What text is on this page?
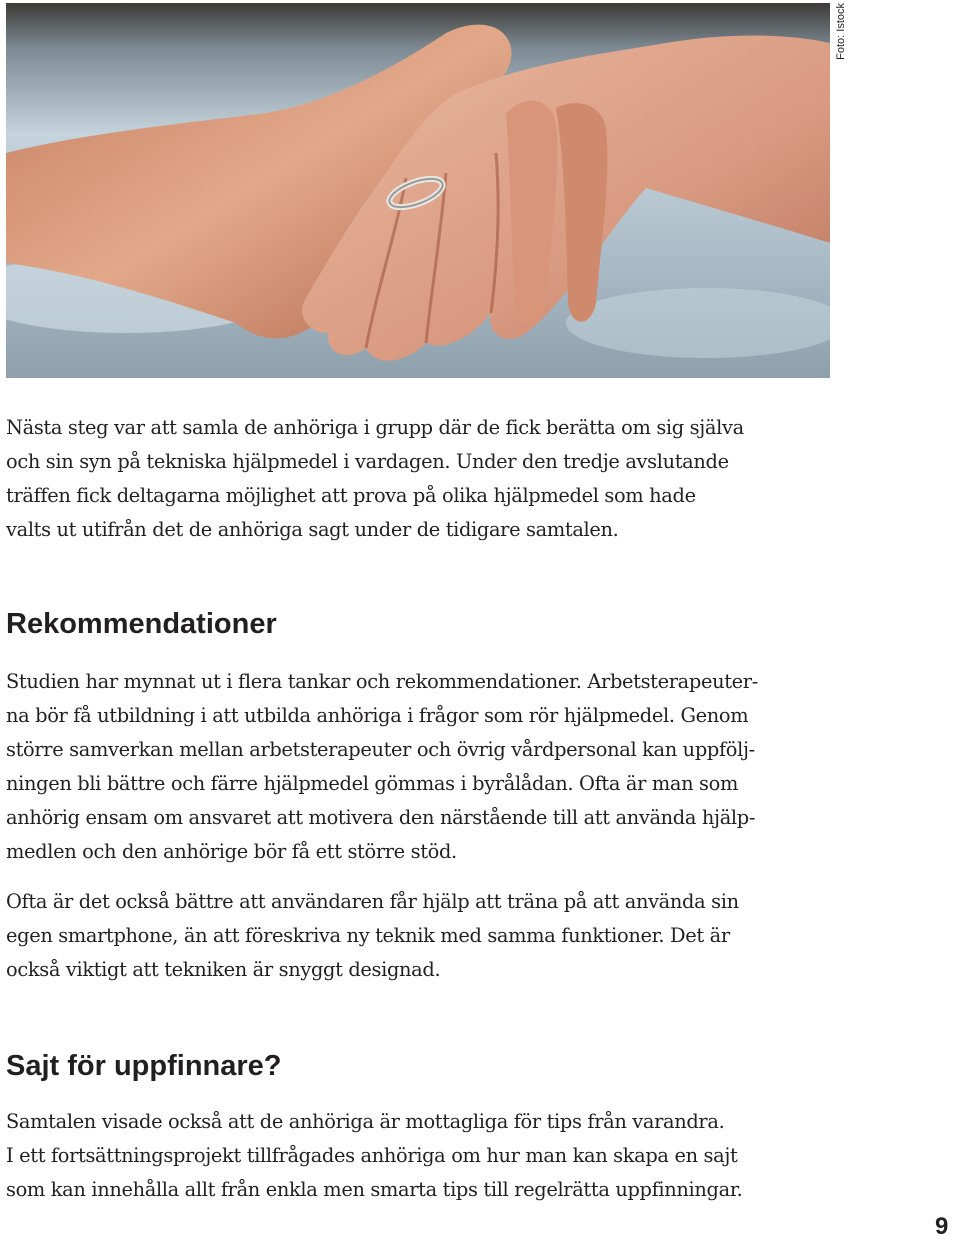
Foto: Istock
Nästa steg var att samla de anhöriga i grupp där de fick berätta om sig själva
och sin syn på tekniska hjälpmedel i vardagen. Under den tredje avslutande
träffen fick deltagarna möjlighet att prova på olika hjälpmedel som hade
valts ut utifrån det de anhöriga sagt under de tidigare samtalen.
Rekommendationer
Studien har mynnat ut i flera tankar och rekommendationer. Arbetsterapeuter-
na bör få utbildning i att utbilda anhöriga i frågor som rör hjälpmedel. Genom
större samverkan mellan arbetsterapeuter och övrig vårdpersonal kan uppfölj-
ningen bli bättre och färre hjälpmedel gömmas i byrålådan. Ofta är man som
anhörig ensam om ansvaret att motivera den närstående till att använda hjälp-
medlen och den anhörige bör få ett större stöd.
Ofta är det också bättre att användaren får hjälp att träna på att använda sin
egen smartphone, än att föreskriva ny teknik med samma funktioner. Det är
också viktigt att tekniken är snyggt designad.
Sajt för uppfinnare?
Samtalen visade också att de anhöriga är mottagliga för tips från varandra.
I ett fortsättningsprojekt tillfrågades anhöriga om hur man kan skapa en sajt
som kan innehålla allt från enkla men smarta tips till regelrätta uppfinningar.
9
